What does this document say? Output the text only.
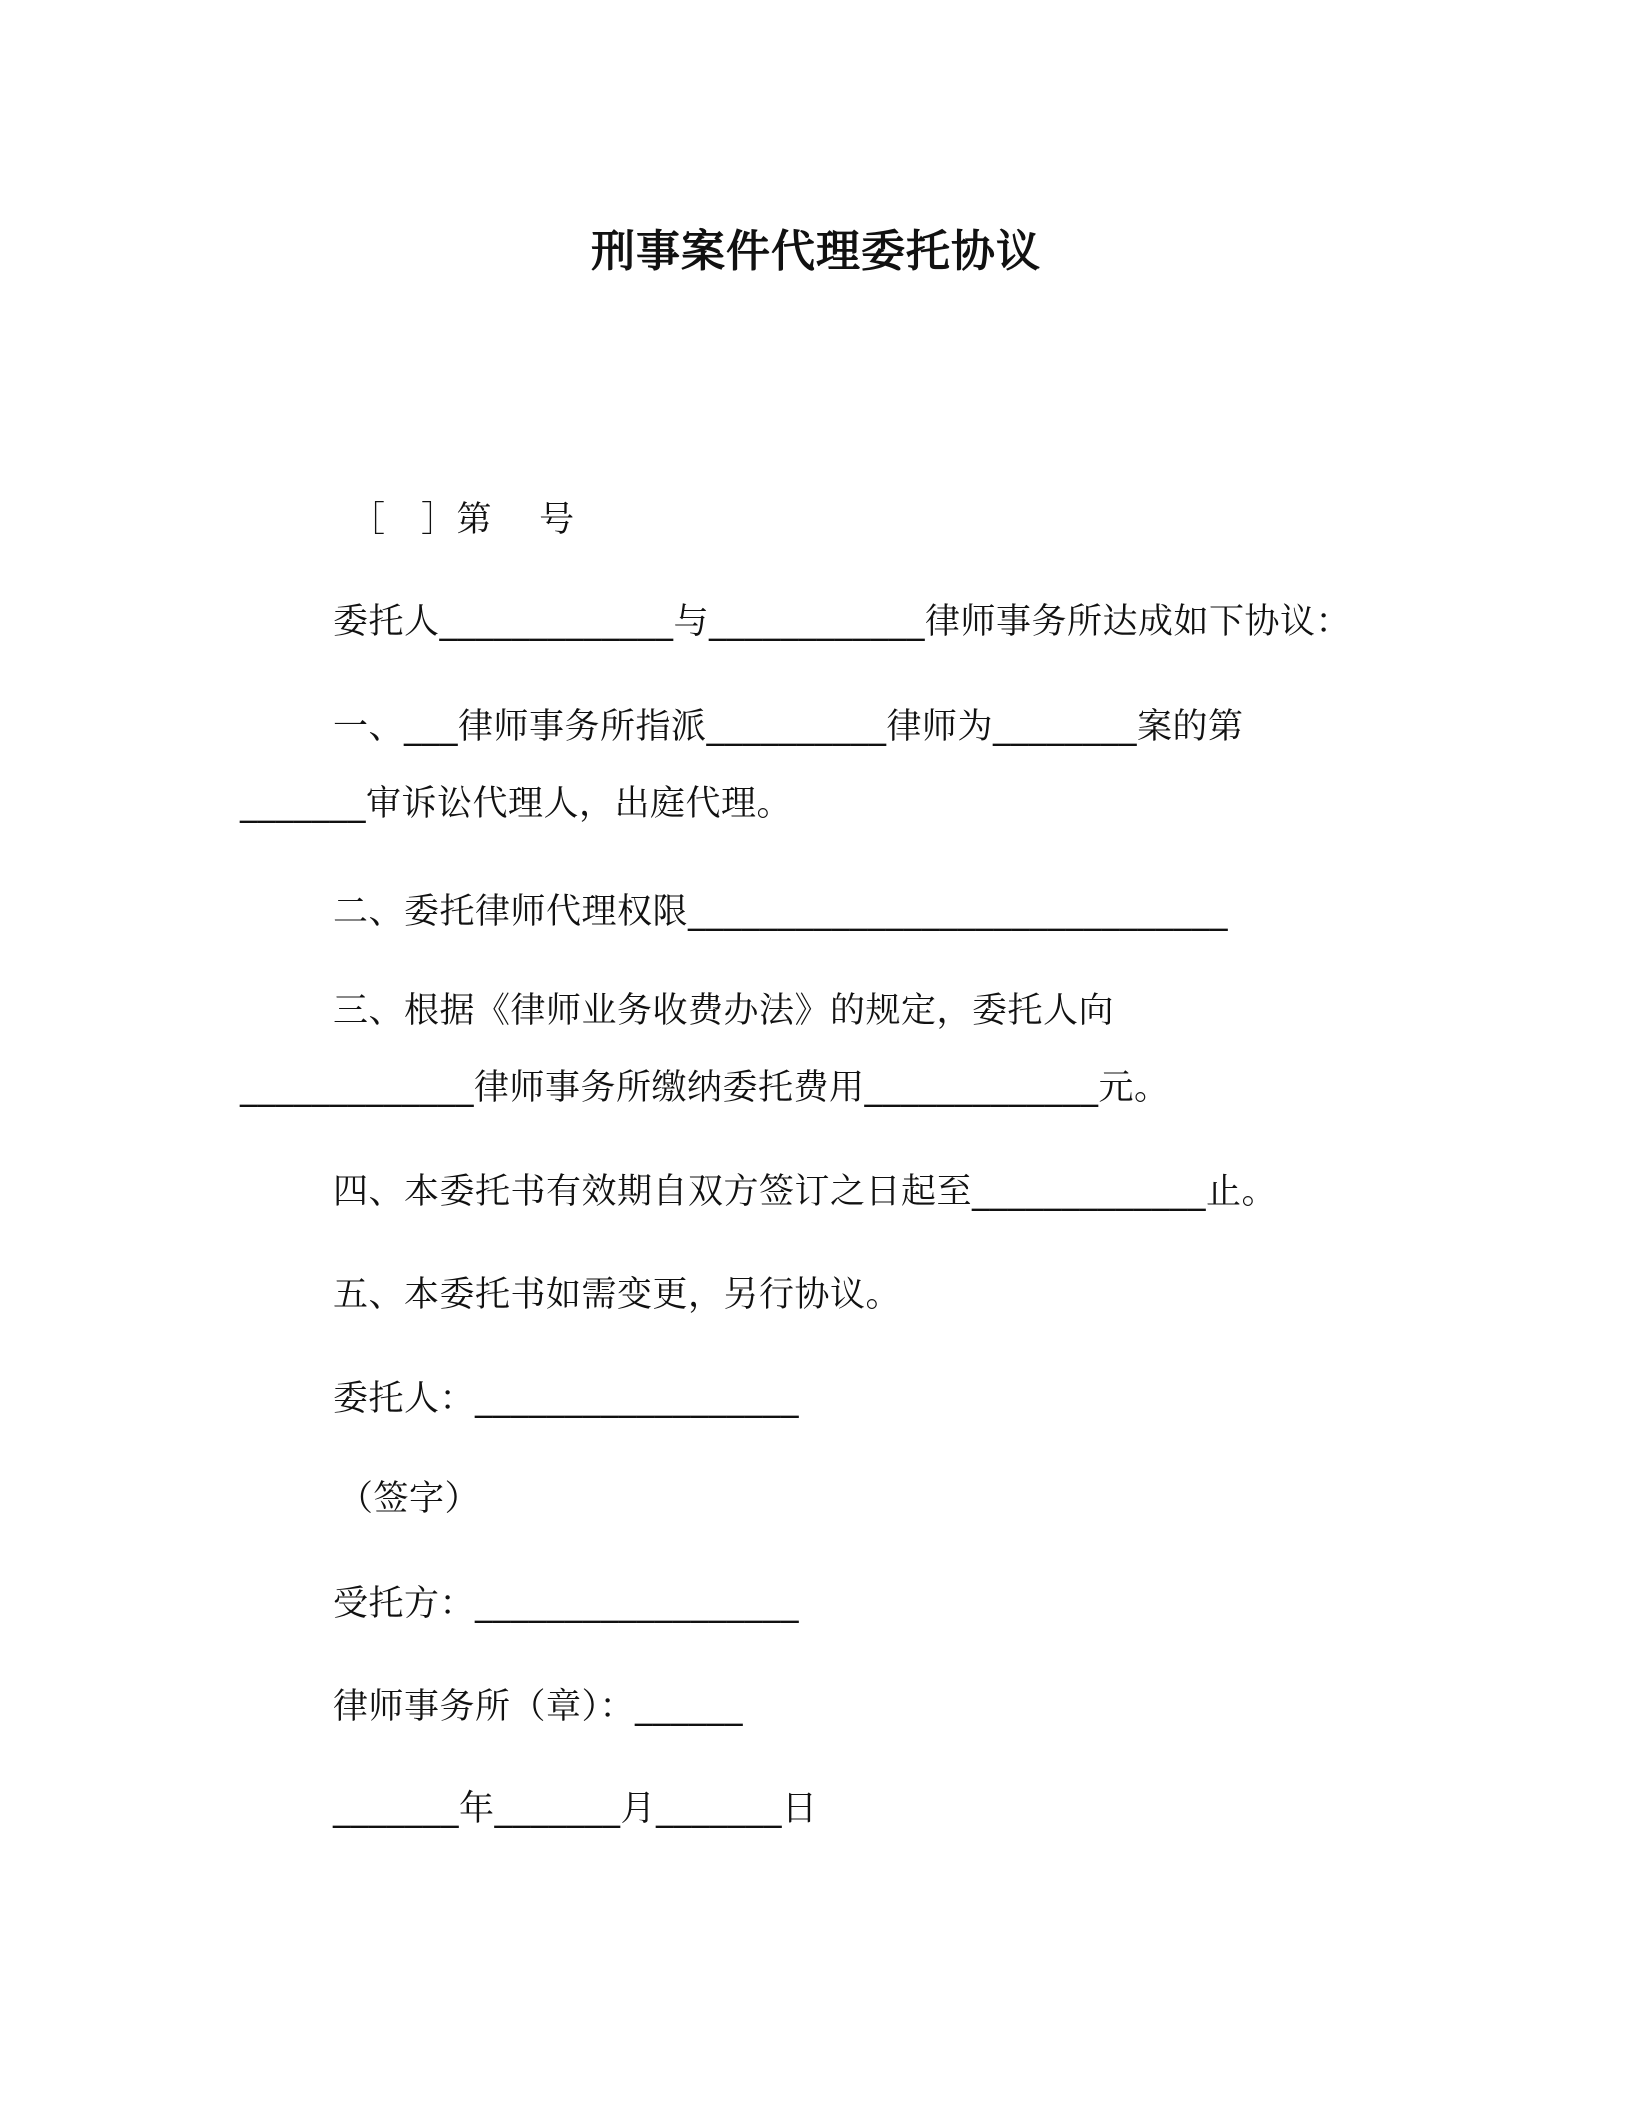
刑事案件代理委托协议
［　］第　 号
委托人_____________与____________律师事务所达成如下协议：
一、___律师事务所指派__________律师为________案的第
_______审诉讼代理人，出庭代理。
二、委托律师代理权限______________________________
三、根据《律师业务收费办法》的规定，委托人向
_____________律师事务所缴纳委托费用_____________元。
四、本委托书有效期自双方签订之日起至_____________止。
五、本委托书如需变更，另行协议。
委托人：__________________
（签字）
受托方：__________________
律师事务所（章）：______
_______年_______月_______日
